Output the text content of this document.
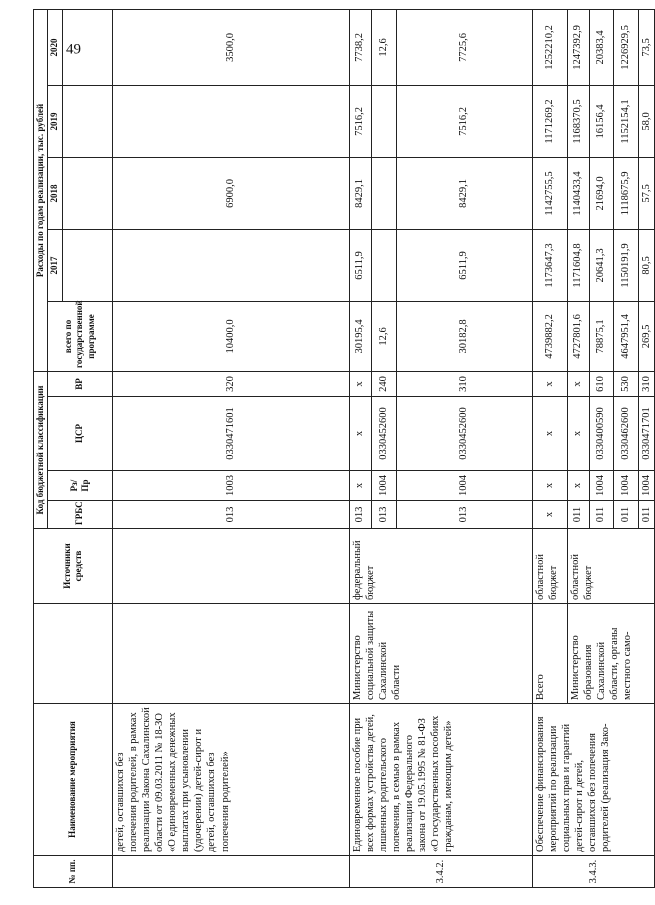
49
№ пп.	Наименование мероприятия		Источники средств	Код бюджетной классификации				Расходы по годам реализации, тыс. рублей				
				ГРБС	Рз/ Пр	ЦСР	ВР	всего по государственной программе	2017	2018	2019	2020

	детей, оставшихся без попечения родителей, в рамках реализации Закона Сахалинской области от 09.03.2011 № 18-ЗО «О единовременных денежных выплатах при усыновлении (удочерении) детей-сирот и детей, оставшихся без попечения родителей»			013	1003	0330471601	320	10400,0		6900,0		3500,0
3.4.2.	Единовременное пособие при всех формах устройства детей, лишенных родительского попечения, в семью в рамках реализации Федерального закона от 19.05.1995 № 81-ФЗ «О государственных пособиях гражданам, имеющим детей»	Министерство социальной защиты Сахалинской области	федеральный бюджет	013	х	х	х	30195,4	6511,9	8429,1	7516,2	7738,2
				013	1004	0330452600	240	12,6				12,6
				013	1004	0330452600	310	30182,8	6511,9	8429,1	7516,2	7725,6
3.4.3.	Обеспечение финансирования мероприятий по реализации социальных прав и гарантий детей-сирот и детей, оставшихся без попечения родителей (реализация Зако-	Всего	областной бюджет	х	х	х	х	4739882,2	1173647,3	1142755,5	1171269,2	1252210,2
		Министерство образования Сахалинской области, органы местного само-	областной бюджет	011	х	х	х	4727801,6	1171604,8	1140433,4	1168370,5	1247392,9
				011	1004	0330400590	610	78875,1	20641,3	21694,0	16156,4	20383,4
				011	1004	0330462600	530	4647951,4	1150191,9	1118675,9	1152154,1	1226929,5
				011	1004	0330471701	310	269,5	80,5	57,5	58,0	73,5
